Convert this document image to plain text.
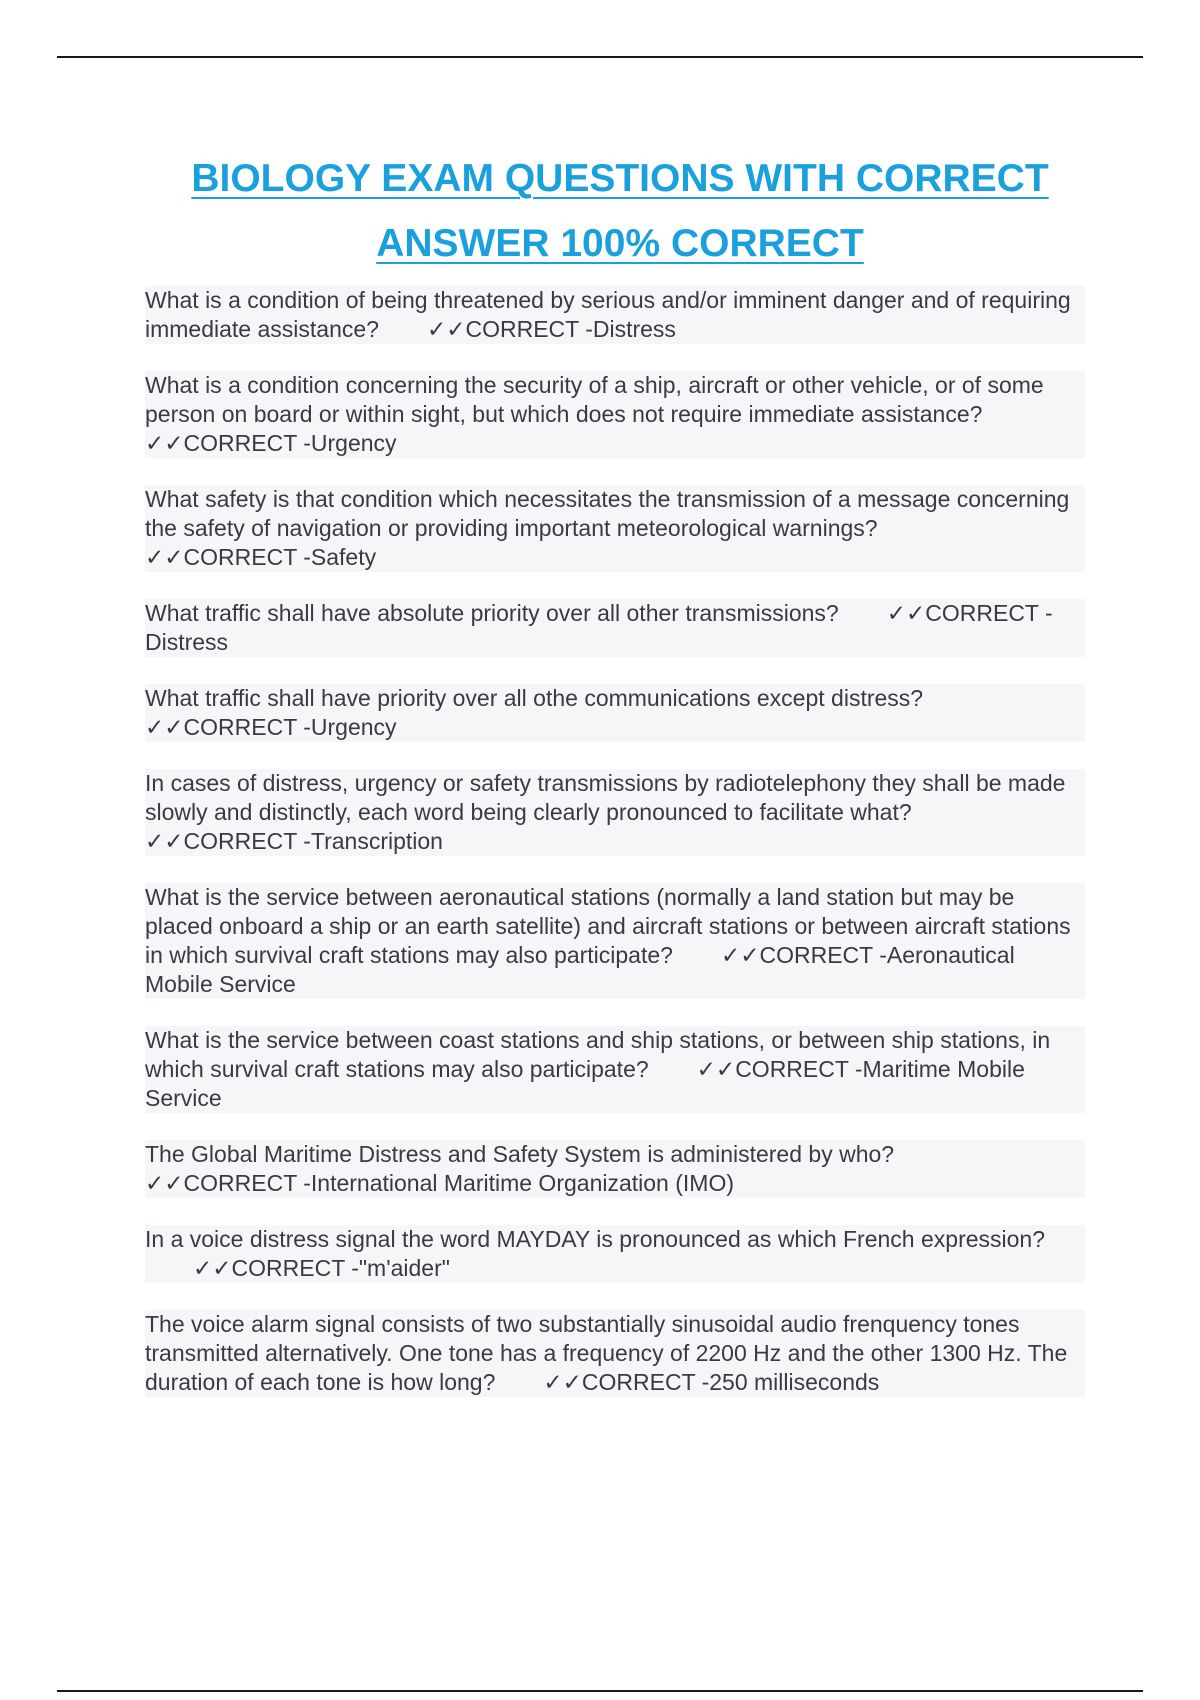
BIOLOGY EXAM QUESTIONS WITH CORRECT
ANSWER 100% CORRECT

What is a condition of being threatened by serious and/or imminent danger and of requiring immediate assistance? ✓✓CORRECT -Distress

What is a condition concerning the security of a ship, aircraft or other vehicle, or of some person on board or within sight, but which does not require immediate assistance?✓✓CORRECT -Urgency

What safety is that condition which necessitates the transmission of a message concerning the safety of navigation or providing important meteorological warnings?
✓✓CORRECT -Safety

What traffic shall have absolute priority over all other transmissions? ✓✓CORRECT -Distress

What traffic shall have priority over all othe communications except distress?
✓✓CORRECT -Urgency

In cases of distress, urgency or safety transmissions by radiotelephony they shall be made slowly and distinctly, each word being clearly pronounced to facilitate what?
✓✓CORRECT -Transcription

What is the service between aeronautical stations (normally a land station but may be placed onboard a ship or an earth satellite) and aircraft stations or between aircraft stations in which survival craft stations may also participate? ✓✓CORRECT -Aeronautical Mobile Service

What is the service between coast stations and ship stations, or between ship stations, in which survival craft stations may also participate? ✓✓CORRECT -Maritime Mobile Service

The Global Maritime Distress and Safety System is administered by who?
✓✓CORRECT -International Maritime Organization (IMO)

In a voice distress signal the word MAYDAY is pronounced as which French expression?✓✓CORRECT -"m'aider"

The voice alarm signal consists of two substantially sinusoidal audio frenquency tones transmitted alternatively. One tone has a frequency of 2200 Hz and the other 1300 Hz. The duration of each tone is how long? ✓✓CORRECT -250 milliseconds
